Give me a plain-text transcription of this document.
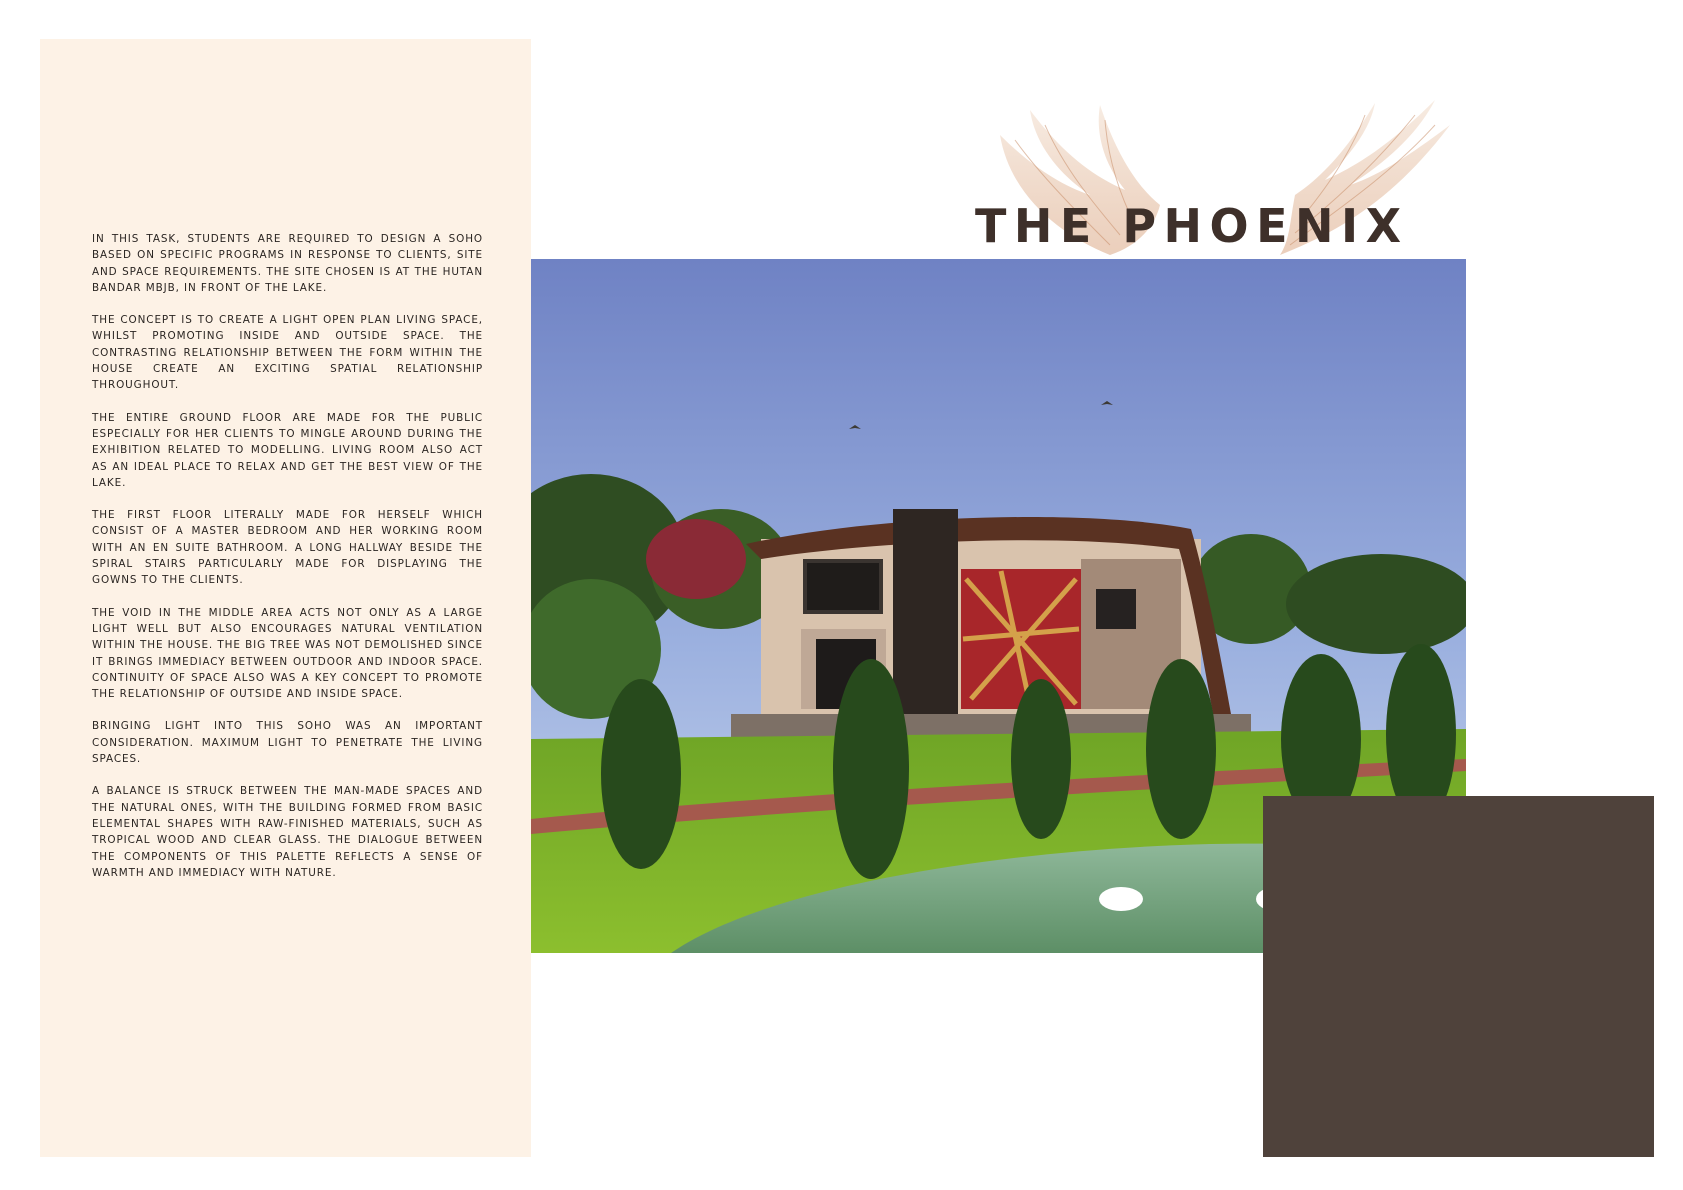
IN THIS TASK, STUDENTS ARE REQUIRED TO DESIGN A SOHO BASED ON SPECIFIC PROGRAMS IN RESPONSE TO CLIENTS, SITE AND SPACE REQUIREMENTS. THE SITE CHOSEN IS AT THE HUTAN BANDAR MBJB, IN FRONT OF THE LAKE.

THE CONCEPT IS TO CREATE A LIGHT OPEN PLAN LIVING SPACE, WHILST PROMOTING INSIDE AND OUTSIDE SPACE. THE CONTRASTING RELATIONSHIP BETWEEN THE FORM WITHIN THE HOUSE CREATE AN EXCITING SPATIAL RELATIONSHIP THROUGHOUT.

THE ENTIRE GROUND FLOOR ARE MADE FOR THE PUBLIC ESPECIALLY FOR HER CLIENTS TO MINGLE AROUND DURING THE EXHIBITION RELATED TO MODELLING. LIVING ROOM ALSO ACT AS AN IDEAL PLACE TO RELAX AND GET THE BEST VIEW OF THE LAKE.

THE FIRST FLOOR LITERALLY MADE FOR HERSELF WHICH CONSIST OF A MASTER BEDROOM AND HER WORKING ROOM WITH AN EN SUITE BATHROOM. A LONG HALLWAY BESIDE THE SPIRAL STAIRS PARTICULARLY MADE FOR DISPLAYING THE GOWNS TO THE CLIENTS.

THE VOID IN THE MIDDLE AREA ACTS NOT ONLY AS A LARGE LIGHT WELL BUT ALSO ENCOURAGES NATURAL VENTILATION WITHIN THE HOUSE. THE BIG TREE WAS NOT DEMOLISHED SINCE IT BRINGS IMMEDIACY BETWEEN OUTDOOR AND INDOOR SPACE. CONTINUITY OF SPACE ALSO WAS A KEY CONCEPT TO PROMOTE THE RELATIONSHIP OF OUTSIDE AND INSIDE SPACE.

BRINGING LIGHT INTO THIS SOHO WAS AN IMPORTANT CONSIDERATION. MAXIMUM LIGHT TO PENETRATE THE LIVING SPACES.

A BALANCE IS STRUCK BETWEEN THE MAN-MADE SPACES AND THE NATURAL ONES, WITH THE BUILDING FORMED FROM BASIC ELEMENTAL SHAPES WITH RAW-FINISHED MATERIALS, SUCH AS TROPICAL WOOD AND CLEAR GLASS. THE DIALOGUE BETWEEN THE COMPONENTS OF THIS PALETTE REFLECTS A SENSE OF WARMTH AND IMMEDIACY WITH NATURE.

THE PHOENIX
